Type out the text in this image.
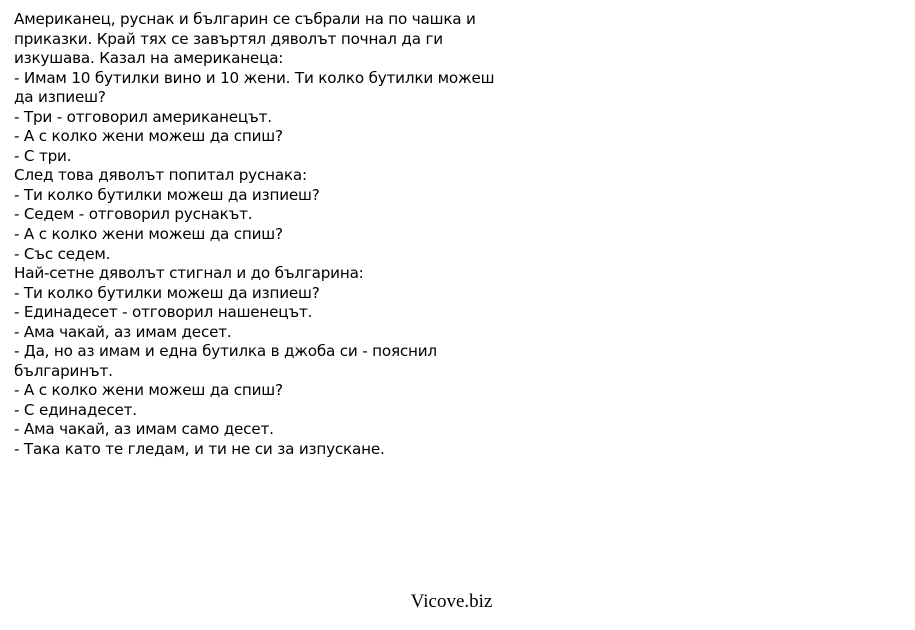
Американец, руснак и българин се събрали на по чашка и
приказки. Край тях се завъртял дяволът почнал да ги
изкушава. Казал на американеца:
- Имам 10 бутилки вино и 10 жени. Ти колко бутилки можеш
да изпиеш?
- Три - отговорил американецът.
- А с колко жени можеш да спиш?
- С три.
След това дяволът попитал руснака:
- Ти колко бутилки можеш да изпиеш?
- Седем - отговорил руснакът.
- А с колко жени можеш да спиш?
- Със седем.
Най-сетне дяволът стигнал и до българина:
- Ти колко бутилки можеш да изпиеш?
- Единадесет - отговорил нашенецът.
- Ама чакай, аз имам десет.
- Да, но аз имам и една бутилка в джоба си - пояснил
българинът.
- А с колко жени можеш да спиш?
- С единадесет.
- Ама чакай, аз имам само десет.
- Така като те гледам, и ти не си за изпускане.
Vicove.biz
